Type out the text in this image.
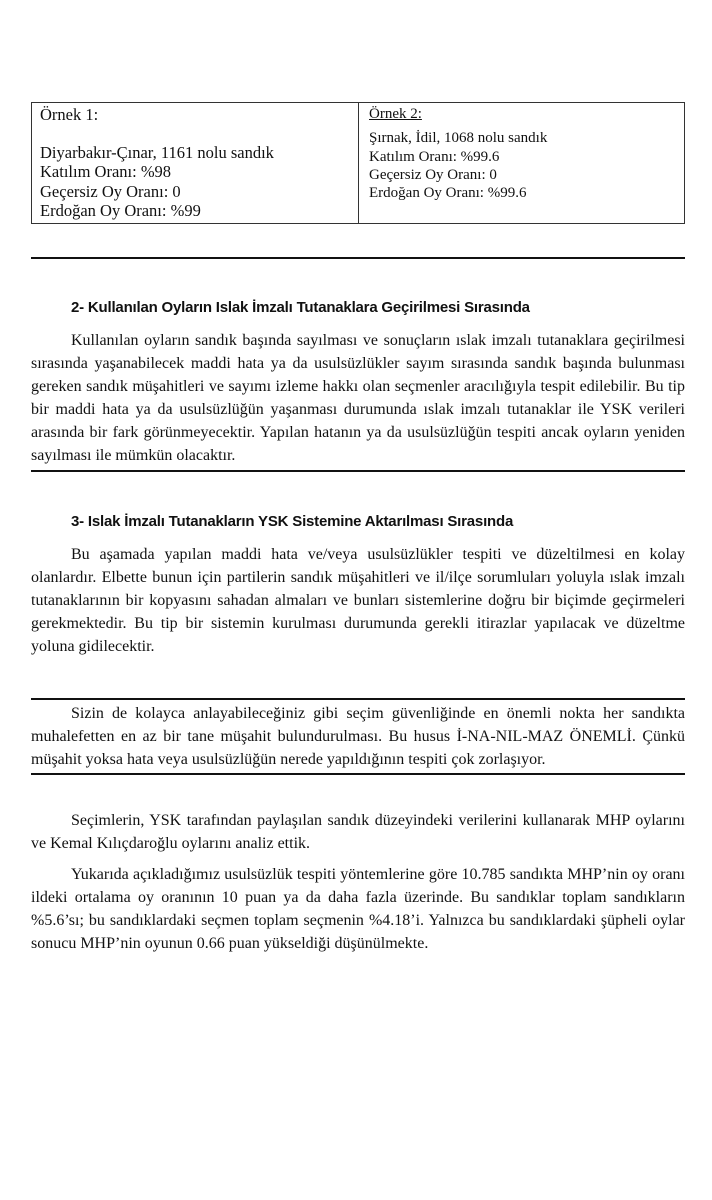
Örnek 1:
Diyarbakır-Çınar, 1161 nolu sandık
Katılım Oranı: %98
Geçersiz Oy Oranı: 0
Erdoğan Oy Oranı: %99

Örnek 2:
Şırnak, İdil, 1068 nolu sandık
Katılım Oranı: %99.6
Geçersiz Oy Oranı: 0
Erdoğan Oy Oranı: %99.6
2- Kullanılan Oyların Islak İmzalı Tutanaklara Geçirilmesi Sırasında

Kullanılan oyların sandık başında sayılması ve sonuçların ıslak imzalı tutanaklara geçirilmesi sırasında yaşanabilecek maddi hata ya da usulsüzlükler sayım sırasında sandık başında bulunması gereken sandık müşahitleri ve sayımı izleme hakkı olan seçmenler aracılığıyla tespit edilebilir. Bu tip bir maddi hata ya da usulsüzlüğün yaşanması durumunda ıslak imzalı tutanaklar ile YSK verileri arasında bir fark görünmeyecektir. Yapılan hatanın ya da usulsüzlüğün tespiti ancak oyların yeniden sayılması ile mümkün olacaktır.

3- Islak İmzalı Tutanakların YSK Sistemine Aktarılması Sırasında

Bu aşamada yapılan maddi hata ve/veya usulsüzlükler tespiti ve düzeltilmesi en kolay olanlardır. Elbette bunun için partilerin sandık müşahitleri ve il/ilçe sorumluları yoluyla ıslak imzalı tutanaklarının bir kopyasını sahadan almaları ve bunları sistemlerine doğru bir biçimde geçirmeleri gerekmektedir. Bu tip bir sistemin kurulması durumunda gerekli itirazlar yapılacak ve düzeltme yoluna gidilecektir.

Sizin de kolayca anlayabileceğiniz gibi seçim güvenliğinde en önemli nokta her sandıkta muhalefetten en az bir tane müşahit bulundurulması. Bu husus İ-NA-NIL-MAZ ÖNEMLİ. Çünkü müşahit yoksa hata veya usulsüzlüğün nerede yapıldığının tespiti çok zorlaşıyor.

Seçimlerin, YSK tarafından paylaşılan sandık düzeyindeki verilerini kullanarak MHP oylarını ve Kemal Kılıçdaroğlu oylarını analiz ettik.

Yukarıda açıkladığımız usulsüzlük tespiti yöntemlerine göre 10.785 sandıkta MHP’nin oy oranı ildeki ortalama oy oranının 10 puan ya da daha fazla üzerinde. Bu sandıklar toplam sandıkların %5.6’sı; bu sandıklardaki seçmen toplam seçmenin %4.18’i. Yalnızca bu sandıklardaki şüpheli oylar sonucu MHP’nin oyunun 0.66 puan yükseldiği düşünülmekte.
